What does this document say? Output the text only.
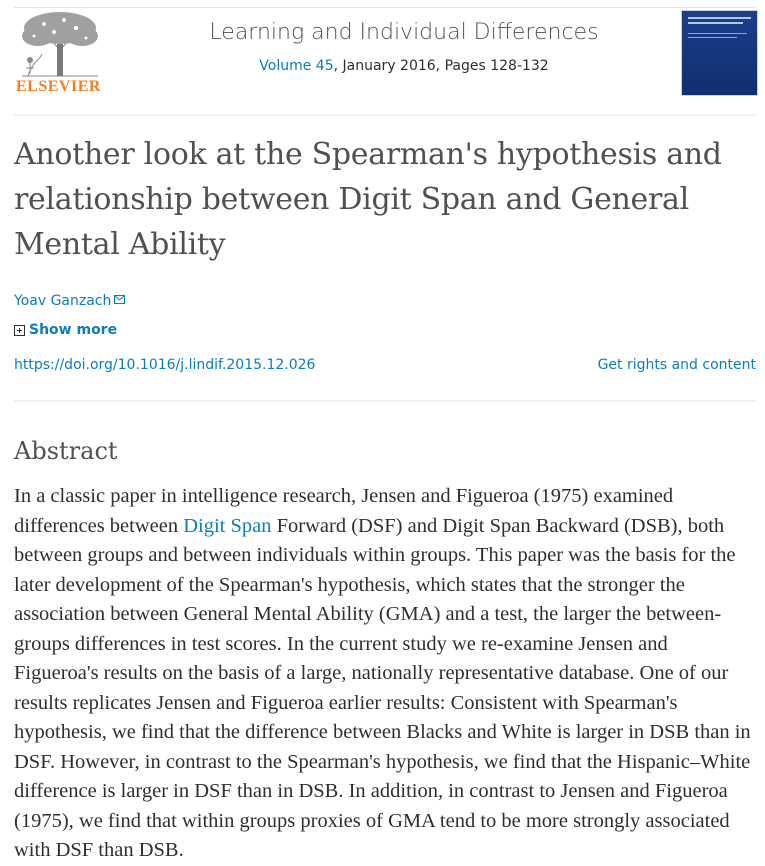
ELSEVIER
Learning and Individual Differences
Volume 45, January 2016, Pages 128-132
Another look at the Spearman's hypothesis and relationship between Digit Span and General Mental Ability
Yoav Ganzach
Show more
https://doi.org/10.1016/j.lindif.2015.12.026	Get rights and content
Abstract

In a classic paper in intelligence research, Jensen and Figueroa (1975) examined differences between Digit Span Forward (DSF) and Digit Span Backward (DSB), both between groups and between individuals within groups. This paper was the basis for the later development of the Spearman's hypothesis, which states that the stronger the association between General Mental Ability (GMA) and a test, the larger the between-groups differences in test scores. In the current study we re-examine Jensen and Figueroa's results on the basis of a large, nationally representative database. One of our results replicates Jensen and Figueroa earlier results: Consistent with Spearman's hypothesis, we find that the difference between Blacks and White is larger in DSB than in DSF. However, in contrast to the Spearman's hypothesis, we find that the Hispanic–White difference is larger in DSF than in DSB. In addition, in contrast to Jensen and Figueroa (1975), we find that within groups proxies of GMA tend to be more strongly associated with DSF than DSB.
